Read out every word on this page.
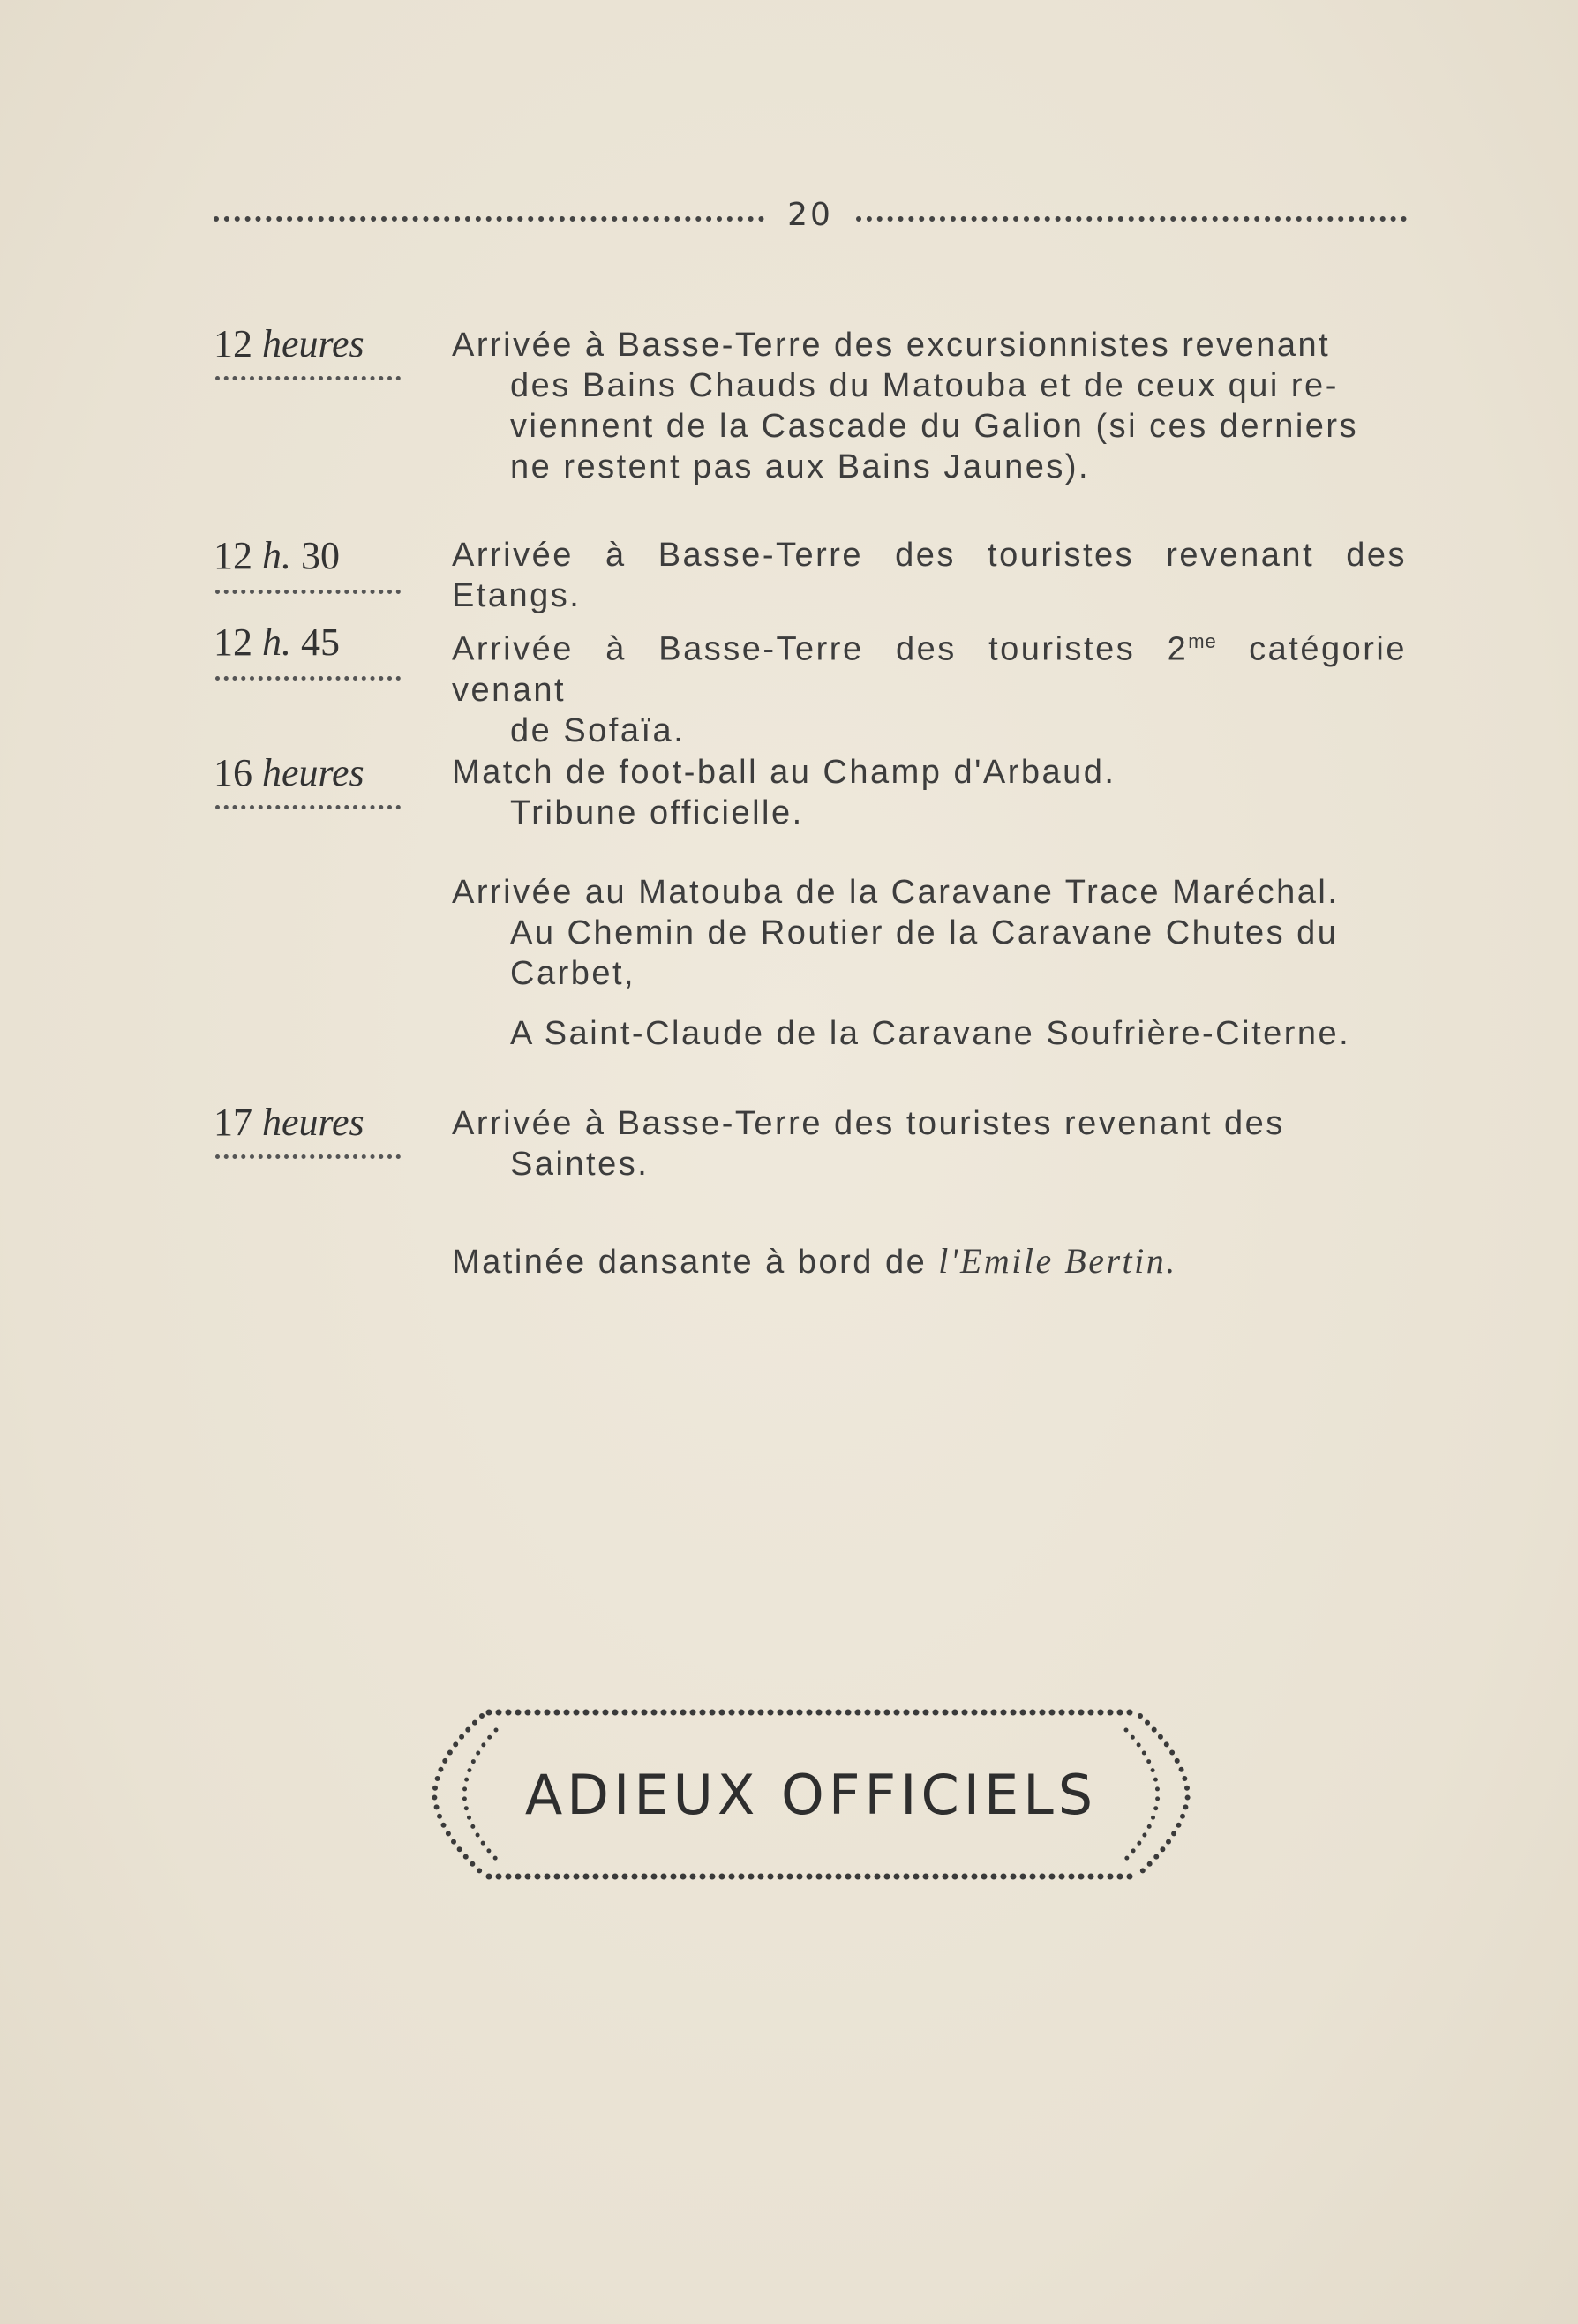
20
12 heures	Arrivée à Basse-Terre des excursionnistes revenant

des Bains Chauds du Matouba et de ceux qui re-

viennent de la Cascade du Galion (si ces derniers

ne restent pas aux Bains Jaunes).

12 h. 30	Arrivée à Basse-Terre des touristes revenant des Etangs.

12 h. 45	Arrivée à Basse-Terre des touristes $2^{me}$ catégorie venant

de Sofaïa.

16 heures	Match de foot-ball au Champ d'Arbaud.

Tribune officielle.

Arrivée au Matouba de la Caravane Trace Maréchal.

Au Chemin de Routier de la Caravane Chutes du

Carbet,

A Saint-Claude de la Caravane Soufrière-Citerne.

17 heures	Arrivée à Basse-Terre des touristes revenant des

Saintes.

Matinée dansante à bord de l'Emile Bertin.

ADIEUX OFFICIELS
